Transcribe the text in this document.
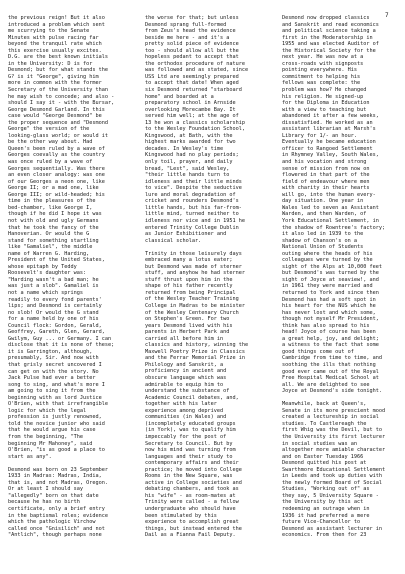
7

the previous reign! But it also
introduced a problem which sent
me scurrying to the Senate
Minutes with pulse racing far
beyond the tranquil rate which
this exercise usually excites.
D.G. are the best known initials
in the University: D is for
Desmond; but for what stands the
G? is it "George", giving him
more in common with the former
Secretary of the University than
he may wish to concede; and also -
should I say it - with the Bursar,
George Desmond Garland. In this
case would "George Desmond" be
the proper sequence and "Desmond
George" the version of the
looking-glass world; or would it
be the other way about. Had
Queen's been ruled by a wave of
Georges coevally as the country
was once ruled by a wave of
Georges sequentially. Was there
an even closer analogy: was one
of our Georges a neon one, like
George II; or a mad one, like
George III; or wild-headed; his
time in the pleasures of the
bed-chamber, like George I,
though if he did I hope it was
not with old and ugly Germans
that he took the fancy of the
Hanoverian. Or would the G
stand for something startling
like "Gamaliel", the middle
name of Warren G. Harding,
President of the United States,
whose epitaph by Teddy
Roosevelt's daughter was:
"Harding wasn't a bad man; he
was just a slob". Gamaliel is
not a name which springs
readily to every fond parents'
lips; and Desmond is certainly
no slob! Or would the G stand
for a name held by one of his
Council flock: Gordon, Gerald,
Geoffrey, Gareth, Glen, Gerard,
Gwilym, Guy ... or Germany. I can
disclose that it is none of these;
it is Garrington, although,
presumably, Sir. And now with
that grisly secret uncovered I
can get on with the story. No
Jack Pulse had ever a better
song to sing, and what's more I
am going to sing it from the
beginning with as lord Justice
O'Brien, with that irrefrangible
logic for which the legal
profession is justly renowned,
told the novice junior who said
that he would argue his case
from the beginning, "The
beginning Mr Mahoney", said
O'Brien, "is as good a place to
start as any".

Desmond was born on 23 September
1933 in Madras: Madras, India,
that is, and not Madras, Oregon.
Or at least I should say
"allegedly" born on that date
because he has no birth
certificate, only a brief entry
in the baptismal roles; evidence
which the pathologic Virchow
called once "Gnisilich" and not
"Antlich", though perhaps none

the worse for that; but unless
Desmond sprang full-formed
from Zeus's head the evidence
beside me here - and it's a
pretty solid piece of evidence
too - should allow all but the
hopeless pedant to accept that
the orthodox procedure of nature
was followed and as stated, since
USS Ltd are seemingly prepared
to accept that date! When aged
six Desmond returned "starboard
home" and boarded at a
preparatory school in Arnside
overlooking Morecambe Bay. It
served him well; at the age of
13 he won a classics scholarship
to the Wesley Foundation School,
Kingswood, at Bath, with the
highest marks awarded for two
decades. In Wesley's time
Kingswood had no play periods;
only toil, prayer, and daily
bread, "Lest", said Wesley,
"their little hands turn to
idleness and their little minds
to vice". Despite the seductive
lure and moral degradation of
cricket and rounders Desmond's
little hands, but his far-from-
little mind, turned neither to
idleness nor vice and in 1951 he
entered Trinity College Dublin
as Junior Exhibitioner and
classical scholar.

Trinity in those leisurely days
embraced many a lotus eater;
but Desmond was made of sterner
stuff, and anyhow he had sterner
stuff thrust upon him in the
shape of his father recently
returned from being Principal
of the Wesley Teacher Training
College in Madras to be minister
of the Wesley Centenary Church
on Stephen's Green. For two
years Desmond lived with his
parents in Herbert Park and
carried all before him in
classics and history, winning the
Maxwell Poetry Prize in Classics
and the Ferrar Memorial Prize in
Philology and Sanskrit, a
proficiency in ancient and
obscure language which was
admirable to equip him to
understand the substance of
Academic Council debates, and,
together with his later
experience among deprived
communities (in Wales) and
(incompletely educated groups
(in York), was to qualify him
impeccably for the post of
Secretary to Council. But by
now his mind was turning from
languages and their study to
contemporary affairs and their
practice; he moved into College
Rooms in the New Square, was
active in College societies and
debating chambers, and took as
his "wife" - as room-mates at
Trinity were called - a fellow
undergraduate who should have
been stimulated by this
experience to accomplish great
things, but instead entered the
Dail as a Fianna Fail Deputy.

Desmond now dropped classics
and Sanskrit and read economics
and political science taking a
first in the Moderatorship in
1955 and was elected Auditor of
the Historical Society for the
next year. He was now at a
cross-roads with signposts
pointing everywhere. His
commitment to helping his
fellows was complete: the
problem was how? He changed
his religion. He signed-up
for the Diploma in Education
with a view to teaching but
abandoned it after a few weeks,
dissatisfied. He worked as an
assistant librarian at Marsh's
Library for 1/- an hour.
Eventually he became education
officer to Rangoed Settlement
in Rhymney Valley, South Wales,
and his vocation and strong
sense of mission from now on
flowered in that part of the
field of endeavour where men
with charity in their hearts
will go, into the human every-
day situation. One year in
Wales led to seven as Assistant
Warden, and then Warden, of
York Educational Settlement, in
the shadow of Rowntree's factory;
it also led in 1939 to the
shadow of Chanson's on a
National Union of Students
outing where the heads of his
colleagues were turned by the
sight of the Alps at 10,000 feet
but Desmond's was turned by the
sight of Joyce at seaview!, and
in 1961 they were married and
returned to York and since then
Desmond has had a soft spot in
his heart for the NUS which he
has never lost and which some,
though not myself Mr President,
think has also spread to his
head! Joyce of course has been
a great help, joy, and delight;
a witness to the fact that some
good things come out of
Cambridge from time to time, and
soothing the ills that nothing
good ever came out of the Royal
Free Hospital Medical School at
all. We are delighted to see
Joyce at Desmond's side tonight.

Meanwhile, back at Queen's,
Senate in its more prescient mood
created a lectureship in social
studies. To Castlereagh the
first Whig was the Devil, but to
the University its first lecturer
in social studies was an
altogether more amiable character
and on Easter Tuesday 1966
Desmond quitted his post at
Swarthmore Educational Settlement
in Leeds and took up duties with
the newly formed Board of Social
Studies, "Working out of" as
they say, 5 University Square -
the University by this act
redeeming an outrage when in
1936 it had preferred a mere
future Vice-Chancellor to
Desmond as assistant lecturer in
economics. From then for 23
